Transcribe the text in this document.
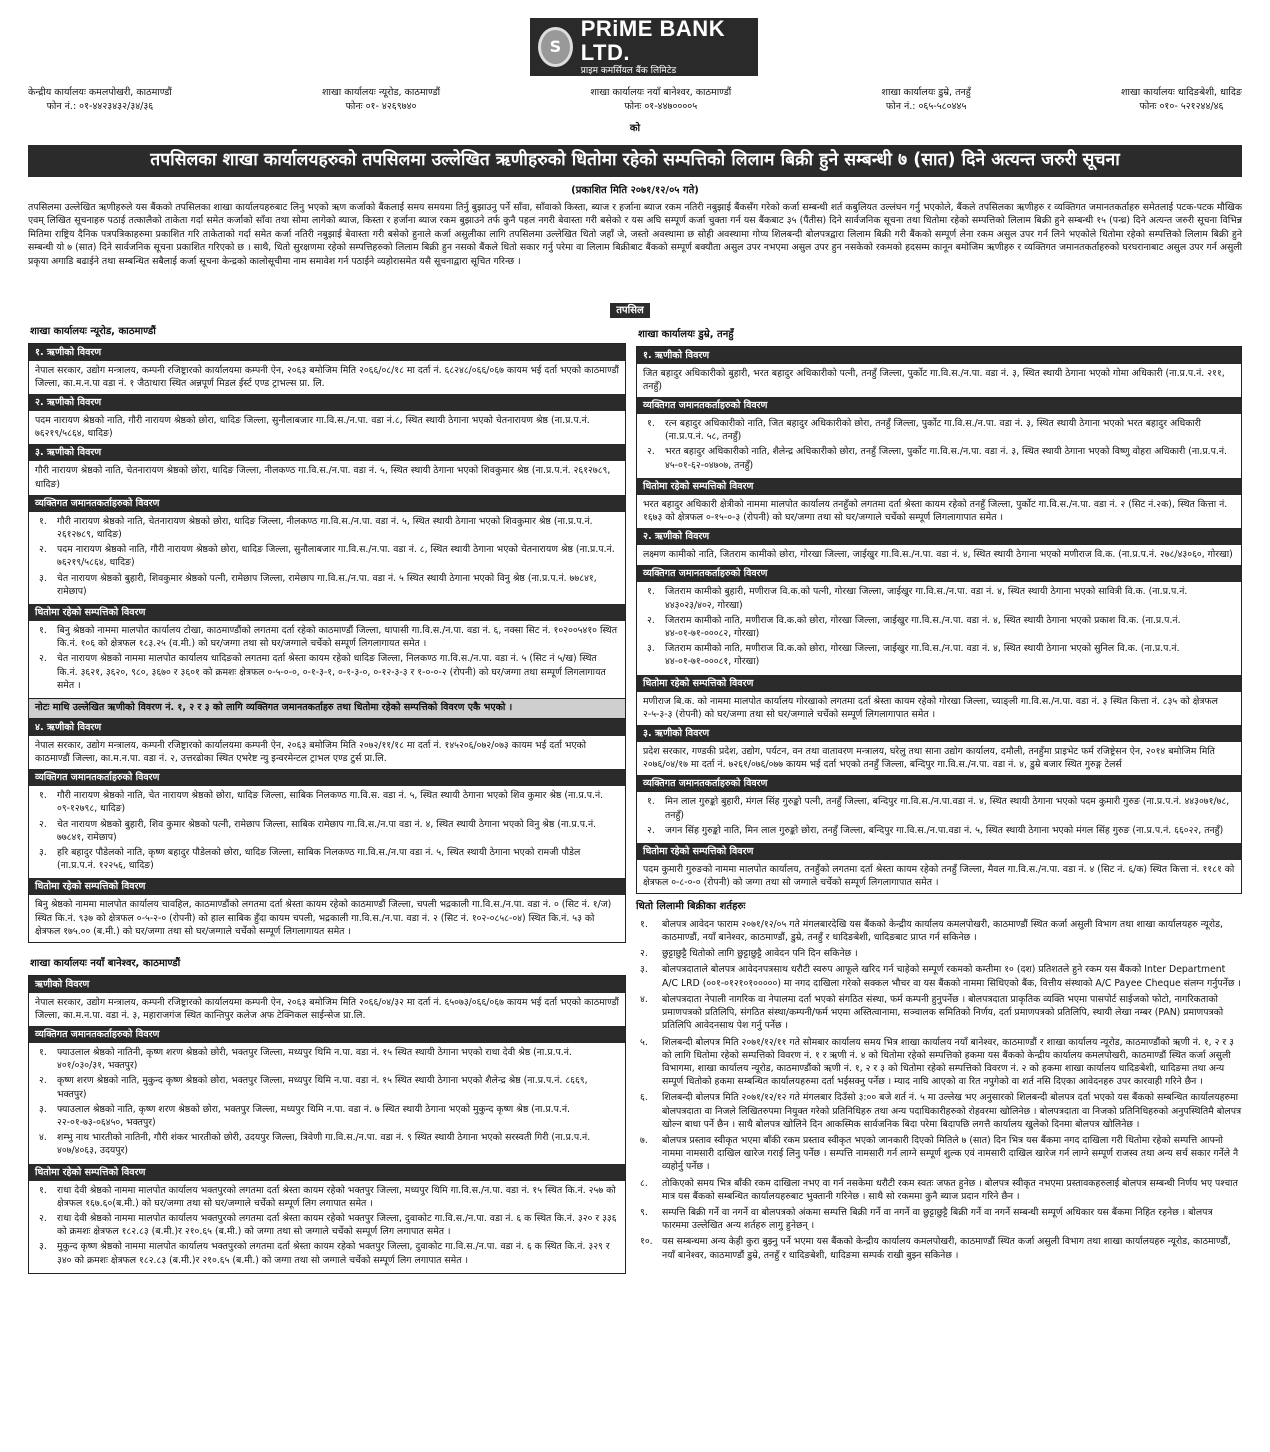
S
PRiME BANK LTD.
प्राइम कमर्सियल बैंक लिमिटेड
केन्द्रीय कार्यालयः कमलपोखरी, काठमाण्डौं
फोन नं.: ०१-४४२३४३२/३४/३६
शाखा कार्यालयः न्यूरोड, काठमाण्डौं
फोनः ०१- ४२६९७४०
शाखा कार्यालयः नयाँ बानेश्वर, काठमाण्डौं
फोनः ०१-४४७००००५
शाखा कार्यालयः डुम्रे, तनहुँ
फोन नं.: ०६५-५८०४४५
शाखा कार्यालयः धादिङबेशी, धादिङ
फोनः ०१०- ५२१२४४/४६
को
तपसिलका शाखा कार्यालयहरुको तपसिलमा उल्लेखित ऋणीहरुको धितोमा रहेको सम्पत्तिको लिलाम बिक्री हुने सम्बन्धी ७ (सात) दिने अत्यन्त जरुरी सूचना
(प्रकाशित मिति २०७१/१२/०५ गते)
तपसिलमा उल्लेखित ऋणीहरुले यस बैंकको तपसिलका शाखा कार्यालयहरुबाट लिनु भएको ऋण कर्जाको बैंकलाई समय समयमा तिर्नु बुझाउनु पर्ने साँवा, साँवाको किस्ता, ब्याज र हर्जाना ब्याज रकम नतिरी नबुझाई बैंकसँग गरेको कर्जा सम्बन्धी शर्त कबुलियत उल्लंघन गर्नु भएकोले, बैंकले तपसिलका ऋणीहरु र व्यक्तिगत जमानतकर्ताहरु समेतलाई पटक-पटक मौखिक एवम् लिखित सूचनाहरु पठाई तत्कालैको ताकेता गर्दा समेत कर्जाको साँवा तथा सोमा लागेको ब्याज, किस्ता र हर्जाना ब्याज रकम बुझाउने तर्फ कुनै पहल नगरी बेवास्ता गरी बसेको र यस अघि सम्पूर्ण कर्जा चुक्ता गर्न यस बैंकबाट ३५ (पैंतीस) दिने सार्वजनिक सूचना तथा धितोमा रहेको सम्पत्तिको लिलाम बिक्री हुने सम्बन्धी १५ (पन्ध्र) दिने अत्यन्त जरुरी सूचना विभिन्न मितिमा राष्ट्रिय दैनिक पत्रपत्रिकाहरुमा प्रकाशित गरि ताकेताको गर्दा समेत कर्जा नतिरी नबुझाई बेवास्ता गरी बसेको हुनाले कर्जा असुलीका लागि तपसिलमा उल्लेखित धितो जहाँ जे, जस्तो अवस्थामा छ सोही अवस्थामा गोप्य शिलबन्दी बोलपत्रद्वारा लिलाम बिक्री गरी बैंकको सम्पूर्ण लेना रकम असुल उपर गर्न लिने भएकोले धितोमा रहेको सम्पत्तिको लिलाम बिक्री हुने सम्बन्धी यो ७ (सात) दिने सार्वजनिक सूचना प्रकाशित गरिएको छ । साथै, धितो सुरक्षणमा रहेको सम्पत्तिहरुको लिलाम बिक्री हुन नसको बैंकले धितो सकार गर्नु परेमा वा लिलाम बिक्रीबाट बैंकको सम्पूर्ण बक्यौता असुल उपर नभएमा असुल उपर हुन नसकेको रकमको हदसम्म कानून बमोजिम ऋणीहरु र व्यक्तिगत जमानतकर्ताहरुको घरघरानाबाट असुल उपर गर्न असुली प्रकृया अगाडि बढाईने तथा सम्बन्धित सबैलाई कर्जा सूचना केन्द्रको कालोसूचीमा नाम समावेश गर्न पठाईने व्यहोरासमेत यसै सूचनाद्वारा सूचित गरिन्छ ।
तपसिल
शाखा कार्यालयः न्यूरोड, काठमाण्डौं
१. ऋणीको विवरण
नेपाल सरकार, उद्योग मन्त्रालय, कम्पनी रजिष्ट्रारको कार्यालयमा कम्पनी ऐन, २०६३ बमोजिम मिति २०६६/०८/१८ मा दर्ता नं. ६८२४८/०६६/०६७ कायम भई दर्ता भएको काठमाण्डौं जिल्ला, का.म.न.पा वडा नं. १ जैठाधारा स्थित अन्नपूर्ण मिडल ईर्स्ट एण्ड ट्राभल्स प्रा. लि.
२. ऋणीको विवरण
पदम नारायण श्रेष्ठको नाति, गौरी नारायण श्रेष्ठको छोरा, धादिङ जिल्ला, सुनौलाबजार गा.वि.स./न.पा. वडा नं.८, स्थित स्थायी ठेगाना भएको चेतनारायण श्रेष्ठ (ना.प्र.प.नं. ७६२१९/५८६४, धादिङ)
३. ऋणीको विवरण
गौरी नारायण श्रेष्ठको नाति, चेतनारायण श्रेष्ठको छोरा, धादिङ जिल्ला, नीलकण्ठ गा.वि.स./न.पा. वडा नं. ५, स्थित स्थायी ठेगाना भएको शिवकुमार श्रेष्ठ (ना.प्र.प.नं. २६१२७८९, धादिङ)
व्यक्तिगत जमानतकर्ताहरुको विवरण
१.	गौरी नारायण श्रेष्ठको नाति, चेतनारायण श्रेष्ठको छोरा, धादिङ जिल्ला, नीलकण्ठ गा.वि.स./न.पा. वडा नं. ५, स्थित स्थायी ठेगाना भएको शिवकुमार श्रेष्ठ (ना.प्र.प.नं. २६१२७८९, धादिङ)
२.	पदम नारायण श्रेष्ठको नाति, गौरी नारायण श्रेष्ठको छोरा, धादिङ जिल्ला, सुनौलाबजार गा.वि.स./न.पा. वडा नं. ८, स्थित स्थायी ठेगाना भएको चेतनारायण श्रेष्ठ (ना.प्र.प.नं. ७६२१९/५८६४, धादिङ)
३.	चेत नारायण श्रेष्ठको बुहारी, शिवकुमार श्रेष्ठको पत्नी, रामेछाप जिल्ला, रामेछाप गा.वि.स./न.पा. वडा नं. ५ स्थित स्थायी ठेगाना भएको विनु श्रेष्ठ (ना.प्र.प.नं. ७७८४१, रामेछाप)
धितोमा रहेको सम्पत्तिको विवरण
१.	बिनु श्रेष्ठको नाममा मालपोत कार्यालय टोखा, काठमाण्डौंको लगतमा दर्ता रहेको काठमाण्डौं जिल्ला, धापासी गा.वि.स./न.पा. वडा नं. ६, नक्सा सिट नं. १०२००५४१० स्थित कि.नं. १०६ को क्षेत्रफल १८३.२५ (व.मी.) को घर/जग्गा तथा सो घर/जग्गाले चर्चेको सम्पूर्ण लिगलागायत समेत ।
२.	चेत नारायण श्रेष्ठको नाममा मालपोत कार्यालय धादिङको लगतमा दर्ता श्रेस्ता कायम रहेको धादिङ जिल्ला, निलकण्ठ गा.वि.स./न.पा. वडा नं. ५ (सिट नं ५/ख) स्थित कि.नं. ३६२१, ३६२०, ९८०, ३६७० र ३६०१ को क्रमशः क्षेत्रफल ०-५-०-०, ०-१-३-१, ०-१-३-०, ०-१२-३-३ र १-०-०-२ (रोपनी) को घर/जग्गा तथा सम्पूर्ण लिगलागायत समेत ।
नोटः माथि उल्लेखित ऋणीको विवरण नं. १, २ र ३ को लागि व्यक्तिगत जमानतकर्ताहरु तथा धितोमा रहेको सम्पत्तिको विवरण एकै भएको ।
४. ऋणीको विवरण
नेपाल सरकार, उद्योग मन्त्रालय, कम्पनी रजिष्ट्रारको कार्यालयमा कम्पनी ऐन, २०६३ बमोजिम मिति २०७२/११/१८ मा दर्ता नं. १४५२०६/०७२/०७३ कायम भई दर्ता भएको काठमाण्डौं जिल्ला, का.म.न.पा. वडा नं. २, उत्तरढोका स्थित एभरेष्ट न्यु इन्वरमेन्टल ट्राभल एण्ड टुर्स प्रा.लि.
व्यक्तिगत जमानतकर्ताहरुको विवरण
१.	गौरी नारायण श्रेष्ठको नाति, चेत नारायण श्रेष्ठको छोरा, धादिङ जिल्ला, साबिक निलकण्ठ गा.वि.स. वडा नं. ५, स्थित स्थायी ठेगाना भएको शिव कुमार श्रेष्ठ (ना.प्र.प.नं. ०९-१२७९८, धादिङ)
२.	चेत नारायण श्रेष्ठको बुहारी, शिव कुमार श्रेष्ठको पत्नी, रामेछाप जिल्ला, साबिक रामेछाप गा.वि.स./न.पा वडा नं. ४, स्थित स्थायी ठेगाना भएको विनु श्रेष्ठ (ना.प्र.प.नं. ७७८४१, रामेछाप)
३.	हरि बहादुर पौडेलको नाति, कृष्ण बहादुर पौडेलको छोरा, धादिङ जिल्ला, साबिक निलकण्ठ गा.वि.स./न.पा वडा नं. ५, स्थित स्थायी ठेगाना भएको रामजी पौडेल (ना.प्र.प.नं. १२२५६, धादिङ)
धितोमा रहेको सम्पत्तिको विवरण
बिनु श्रेष्ठको नाममा मालपोत कार्यालय चावहिल, काठमाण्डौंको लगतमा दर्ता श्रेस्ता कायम रहेको काठमाण्डौं जिल्ला, चपली भद्रकाली गा.वि.स./न.पा. वडा नं. ० (सिट नं. १/ज) स्थित कि.नं. ९३७ को क्षेत्रफल ०-५-२-० (रोपनी) को हाल साबिक हुँदा कायम चपली, भद्रकाली गा.वि.स./न.पा. वडा नं. २ (सिट नं. १०२-०८५८-०४) स्थित कि.नं. ५३ को क्षेत्रफल १७५.०० (ब.मी.) को घर/जग्गा तथा सो घर/जग्गाले चर्चेको सम्पूर्ण लिगलागायत समेत ।
शाखा कार्यालयः नयाँ बानेश्वर, काठमाण्डौं
ऋणीको विवरण
नेपाल सरकार, उद्योग मन्त्रालय, कम्पनी रजिष्ट्रारको कार्यालयमा कम्पनी ऐन, २०६३ बमोजिम मिति २०६६/०४/३२ मा दर्ता नं. ६५०७३/०६६/०६७ कायम भई दर्ता भएको काठमाण्डौं जिल्ला, का.म.न.पा. वडा नं. ३, महाराजगंज स्थित कान्तिपुर कलेज अफ टेक्निकल साईन्सेज प्रा.लि.
व्यक्तिगत जमानतकर्ताहरुको विवरण
१.	फ्याउलाल श्रेष्ठको नातिनी, कृष्ण शरण श्रेष्ठको छोरी, भक्तपुर जिल्ला, मध्यपुर थिमि न.पा. वडा नं. १५ स्थित स्थायी ठेगाना भएको राधा देवी श्रेष्ठ (ना.प्र.प.नं. ४०१/०३०/३१, भक्तपुर)
२.	कृष्ण शरण श्रेष्ठको नाति, मुकुन्द कृष्ण श्रेष्ठको छोरा, भक्तपुर जिल्ला, मध्यपुर थिमि न.पा. वडा नं. १५ स्थित स्थायी ठेगाना भएको शैलेन्द्र श्रेष्ठ (ना.प्र.प.नं. ८६६९, भक्तपुर)
३.	फ्याउलाल श्रेष्ठको नाति, कृष्ण शरण श्रेष्ठको छोरा, भक्तपुर जिल्ला, मध्यपुर थिमि न.पा. वडा नं. ७ स्थित स्थायी ठेगाना भएको मुकुन्द कृष्ण श्रेष्ठ (ना.प्र.प.नं. २२-०१-७३-०६४५०, भक्तपुर)
४.	शम्भु नाथ भारतीको नातिनी, गौरी शंकर भारतीको छोरी, उदयपुर जिल्ला, त्रिवेणी गा.वि.स./न.पा. वडा नं. ९ स्थित स्थायी ठेगाना भएको सरस्वती गिरी (ना.प्र.प.नं. ४०७/४०६३, उदयपुर)
धितोमा रहेको सम्पत्तिको विवरण
१.	राधा देवी श्रेष्ठको नाममा मालपोत कार्यालय भक्तपुरको लगतमा दर्ता श्रेस्ता कायम रहेको भक्तपुर जिल्ला, मध्यपुर थिमि गा.वि.स./न.पा. वडा नं. १५ स्थित कि.नं. २५७ को क्षेत्रफल १६७.६०(ब.मी.) को घर/जग्गा तथा सो घर/जग्गाले चर्चेको सम्पूर्ण लिग लगापात समेत ।
२.	राधा देवी श्रेष्ठको नाममा मालपोत कार्यालय भक्तपुरको लगतमा दर्ता श्रेस्ता कायम रहेको भक्तपुर जिल्ला, दुवाकोट गा.वि.स./न.पा. वडा नं. ६ क स्थित कि.नं. ३२० र ३३६ को क्रमशः क्षेत्रफल १८२.८३ (ब.मी.)र २१०.६५ (ब.मी.) को जग्गा तथा सो जग्गाले चर्चेको सम्पूर्ण लिग लगापात समेत ।
३.	मुकुन्द कृष्ण श्रेष्ठको नाममा मालपोत कार्यालय भक्तपुरको लगतमा दर्ता श्रेस्ता कायम रहेको भक्तपुर जिल्ला, दुवाकोट गा.वि.स./न.पा. वडा नं. ६ क स्थित कि.नं. ३२९ र ३४० को क्रमशः क्षेत्रफल १८२.८३ (ब.मी.)र २१०.६५ (ब.मी.) को जग्गा तथा सो जग्गाले चर्चेको सम्पूर्ण लिग लगापात समेत ।
शाखा कार्यालयः डुम्रे, तनहुँ
१. ऋणीको विवरण
जित बहादुर अधिकारीको बुहारी, भरत बहादुर अधिकारीको पत्नी, तनहुँ जिल्ला, पुर्कोट गा.वि.स./न.पा. वडा नं. ३, स्थित स्थायी ठेगाना भएको गोमा अधिकारी (ना.प्र.प.नं. २११, तनहुँ)
व्यक्तिगत जमानतकर्ताहरुको विवरण
१.	रत्न बहादुर अधिकारीको नाति, जित बहादुर अधिकारीको छोरा, तनहुँ जिल्ला, पुर्कोट गा.वि.स./न.पा. वडा नं. ३, स्थित स्थायी ठेगाना भएको भरत बहादुर अधिकारी (ना.प्र.प.नं. ५८, तनहुँ)
२.	भरत बहादुर अधिकारीको नाति, शैलेन्द्र अधिकारीको छोरा, तनहुँ जिल्ला, पुर्कोट गा.वि.स./न.पा. वडा नं. ३, स्थित स्थायी ठेगाना भएको विष्णु वोहरा अधिकारी (ना.प्र.प.नं. ४५-०१-६२-०४७०७, तनहुँ)
धितोमा रहेको सम्पत्तिको विवरण
भरत बहादुर अधिकारी क्षेत्रीको नाममा मालपोत कार्यालय तनहुँको लगतमा दर्ता श्रेस्ता कायम रहेको तनहुँ जिल्ला, पुर्कोट गा.वि.स./न.पा. वडा नं. २ (सिट नं.२क), स्थित कित्ता नं. १६७३ को क्षेत्रफल ०-१५-०-३ (रोपनी) को घर/जग्गा तथा सो घर/जग्गाले चर्चेको सम्पूर्ण लिगलागापात समेत ।
२. ऋणीको विवरण
लक्ष्मण कामीको नाति, जितराम कामीको छोरा, गोरखा जिल्ला, जाईखुर गा.वि.स./न.पा. वडा नं. ४, स्थित स्थायी ठेगाना भएको मणीराज वि.क. (ना.प्र.प.नं. २७८/४३०६०, गोरखा)
व्यक्तिगत जमानतकर्ताहरुको विवरण
१.	जितराम कामीको बुहारी, मणीराज वि.क.को पत्नी, गोरखा जिल्ला, जाईखुर गा.वि.स./न.पा. वडा नं. ४, स्थित स्थायी ठेगाना भएको सावित्री वि.क. (ना.प्र.प.नं. ४४३०२३/४०२, गोरखा)
२.	जितराम कामीको नाति, मणीराज वि.क.को छोरा, गोरखा जिल्ला, जाईखुर गा.वि.स./न.पा. वडा नं. ४, स्थित स्थायी ठेगाना भएको प्रकाश वि.क. (ना.प्र.प.नं. ४४-०१-७१-०००८२, गोरखा)
३.	जितराम कामीको नाति, मणीराज वि.क.को छोरा, गोरखा जिल्ला, जाईखुर गा.वि.स./न.पा. वडा नं. ४, स्थित स्थायी ठेगाना भएको सुनिल वि.क. (ना.प्र.प.नं. ४४-०१-७१-०००८१, गोरखा)
धितोमा रहेको सम्पत्तिको विवरण
मणीराज बि.क. को नाममा मालपोत कार्यालय गोरखाको लगतमा दर्ता श्रेस्ता कायम रहेको गोरखा जिल्ला, च्याङ्ली गा.वि.स./न.पा. वडा नं. ३ स्थित कित्ता नं. ८३५ को क्षेत्रफल २-५-३-३ (रोपनी) को घर/जग्गा तथा सो घर/जग्गाले चर्चेको सम्पूर्ण लिगलागापात समेत ।
३. ऋणीको विवरण
प्रदेश सरकार, गण्डकी प्रदेश, उद्योग, पर्यटन, वन तथा वातावरण मन्त्रालय, घरेलु तथा साना उद्योग कार्यालय, दमौली, तनहुँमा प्राइभेट फर्म रजिष्ट्रेसन ऐन, २०१४ बमोजिम मिति २०७६/०४/१७ मा दर्ता नं. ७२६१/०७६/०७७ कायम भई दर्ता भएको तनहुँ जिल्ला, बन्दिपुर गा.वि.स./न.पा. वडा नं. ४, डुम्रे बजार स्थित गुरुङ्ग टेलर्स
व्यक्तिगत जमानतकर्ताहरुको विवरण
१.	मिन लाल गुरुङ्को बुहारी, मंगल सिंह गुरुङ्को पत्नी, तनहुँ जिल्ला, बन्दिपुर गा.वि.स./न.पा.वडा नं. ४, स्थित स्थायी ठेगाना भएको पदम कुमारी गुरुङ (ना.प्र.प.नं. ४४३०७१/७८, तनहुँ)
२.	जगन सिंह गुरुङ्को नाति, मिन लाल गुरुङ्को छोरा, तनहुँ जिल्ला, बन्दिपुर गा.वि.स./न.पा.वडा नं. ५, स्थित स्थायी ठेगाना भएको मंगल सिंह गुरुङ (ना.प्र.प.नं. ६६०२२, तनहुँ)
धितोमा रहेको सम्पत्तिको विवरण
पदम कुमारी गुरुङको नाममा मालपोत कार्यालय, तनहुँको लगतमा दर्ता श्रेस्ता कायम रहेको तनहुँ जिल्ला, मैवल गा.वि.स./न.पा. वडा नं. ४ (सिट नं. ६/क) स्थित कित्ता नं. ११८१ को क्षेत्रफल ०-८-०-० (रोपनी) को जग्गा तथा सो जग्गाले चर्चेको सम्पूर्ण लिगलागापात समेत ।
धितो लिलामी बिक्रीका शर्तहरुः
१.	बोलपत्र आवेदन फाराम २०७१/१२/०५ गते मंगलबारदेखि यस बैंकको केन्द्रीय कार्यालय कमलपोखरी, काठमाण्डौं स्थित कर्जा असुली विभाग तथा शाखा कार्यालयहरु न्यूरोड, काठमाण्डौं, नयाँ बानेश्वर, काठमाण्डौं, डुम्रे, तनहुँ र धादिङबेशी, धादिङबाट प्राप्त गर्न सकिनेछ ।
२.	छुट्टाछुट्टै धितोको लागि छुट्टाछुट्टै आवेदन पनि दिन सकिनेछ ।
३.	बोलपत्रदाताले बोलपत्र आवेदनपत्रसाथ धरौटी स्वरुप आफूले खरिद गर्न चाहेको सम्पूर्ण रकमको कम्तीमा १० (दश) प्रतिशतले हुने रकम यस बैंकको Inter Department A/C LRD (००१-०१२१०१०००००) मा नगद दाखिला गरेको सक्कल भौचर वा यस बैंकको नाममा सिधिएको बैंक, वित्तीय संस्थाको A/C Payee Cheque संलग्न गर्नुपर्नेछ ।
४.	बोलपत्रदाता नेपाली नागरिक वा नेपालमा दर्ता भएको संगठित संस्था, फर्म कम्पनी हुनुपर्नेछ । बोलपत्रदाता प्राकृतिक व्यक्ति भएमा पासपोर्ट साईजको फोटो, नागरिकताको प्रमाणपत्रको प्रतिलिपि, संगठित संस्था/कम्पनी/फर्म भएमा अस्तित्वानामा, सञ्चालक समितिको निर्णय, दर्ता प्रमाणपत्रको प्रतिलिपि, स्थायी लेखा नम्बर (PAN) प्रमाणपत्रको प्रतिलिपि आवेदनसाथ पेश गर्नु पर्नेछ ।
५.	शिलबन्दी बोलपत्र मिति २०७१/१२/११ गते सोमबार कार्यालय समय भित्र शाखा कार्यालय नयाँ बानेश्वर, काठमाण्डौं र शाखा कार्यालय न्यूरोड, काठमाण्डौंको ऋणी नं. १, २ र ३ को लागि धितोमा रहेको सम्पत्तिको विवरण नं. १ र ऋणी नं. ४ को धितोमा रहेको सम्पत्तिको हकमा यस बैंकको केन्द्रीय कार्यालय कमलपोखरी, काठमाण्डौं स्थित कर्जा असुली विभागमा, शाखा कार्यालय न्यूरोड, काठमाण्डौंको ऋणी नं. १, २ र ३ को धितोमा रहेको सम्पत्तिको विवरण नं. २ को हकमा शाखा कार्यालय धादिङबेशी, धादिङमा तथा अन्य सम्पूर्ण धितोको हकमा सम्बन्धित कार्यालयहरुमा दर्ता भईसक्नु पर्नेछ । म्याद नाघि आएको वा रित नपुगेको वा शर्त नसि दिएका आवेदनहरु उपर कारवाही गरिने छैन ।
६.	शिलबन्दी बोलपत्र मिति २०७१/१२/१२ गते मंगलबार दिउँसो ३:०० बजे शर्त नं. ५ मा उल्लेख भए अनुसारको शिलबन्दी बोलपत्र दर्ता भएको यस बैंकको सम्बन्धित कार्यालयहरुमा बोलपत्रदाता वा निजले लिखितरुपमा नियुक्त गरेको प्रतिनिधिहरु तथा अन्य पदाधिकारीहरुको रोहवरमा खोलिनेछ । बोलपत्रदाता वा निजको प्रतिनिधिहरुको अनुपस्थितिमै बोलपत्र खोल्न बाधा पर्ने छैन । साथै बोलपत्र खोलिने दिन आकस्मिक सार्वजनिक बिदा परेमा बिदापछि लगत्तै कार्यालय खुलेको दिनमा बोलपत्र खोलिनेछ ।
७.	बोलपत्र प्रस्ताव स्वीकृत भएमा बाँकी रकम प्रस्ताव स्वीकृत भएको जानकारी दिएको मितिले ७ (सात) दिन भित्र यस बैंकमा नगद दाखिला गरी धितोमा रहेको सम्पत्ति आफ्नो नाममा नामसारी दाखिल खारेज गराई लिनु पर्नेछ । सम्पत्ति नामसारी गर्न लाग्ने सम्पूर्ण शुल्क एवं नामसारी दाखिल खारेज गर्न लाग्ने सम्पूर्ण राजस्व तथा अन्य सर्च सकार गर्नेले नै व्यहोर्नु पर्नेछ ।
८.	तोकिएको समय भित्र बाँकी रकम दाखिला नभए वा गर्न नसकेमा धरौटी रकम स्वतः जफत हुनेछ । बोलपत्र स्वीकृत नभएमा प्रस्तावकहरुलाई बोलपत्र सम्बन्धी निर्णय भए पश्चात मात्र यस बैंकको सम्बन्धित कार्यालयहरुबाट भुक्तानी गरिनेछ । साथै सो रकममा कुनै ब्याज प्रदान गरिने छैन ।
९.	सम्पत्ति बिक्री गर्ने वा नगर्ने वा बोलपत्रको अंकमा सम्पत्ति बिक्री गर्ने वा नगर्ने वा छुट्टाछुट्टै बिक्री गर्ने वा नगर्ने सम्बन्धी सम्पूर्ण अधिकार यस बैंकमा निहित रहनेछ । बोलपत्र फारममा उल्लेखित अन्य शर्तहरु लागु हुनेछन् ।
१०.	यस सम्बन्धमा अन्य केही कुरा बुझ्नु पर्ने भएमा यस बैंकको केन्द्रीय कार्यालय कमलपोखरी, काठमाण्डौं स्थित कर्जा असुली विभाग तथा शाखा कार्यालयहरु न्यूरोड, काठमाण्डौं, नयाँ बानेश्वर, काठमाण्डौं डुम्रे, तनहुँ र धादिङबेशी, धादिङमा सम्पर्क राखी बुझ्न सकिनेछ ।
